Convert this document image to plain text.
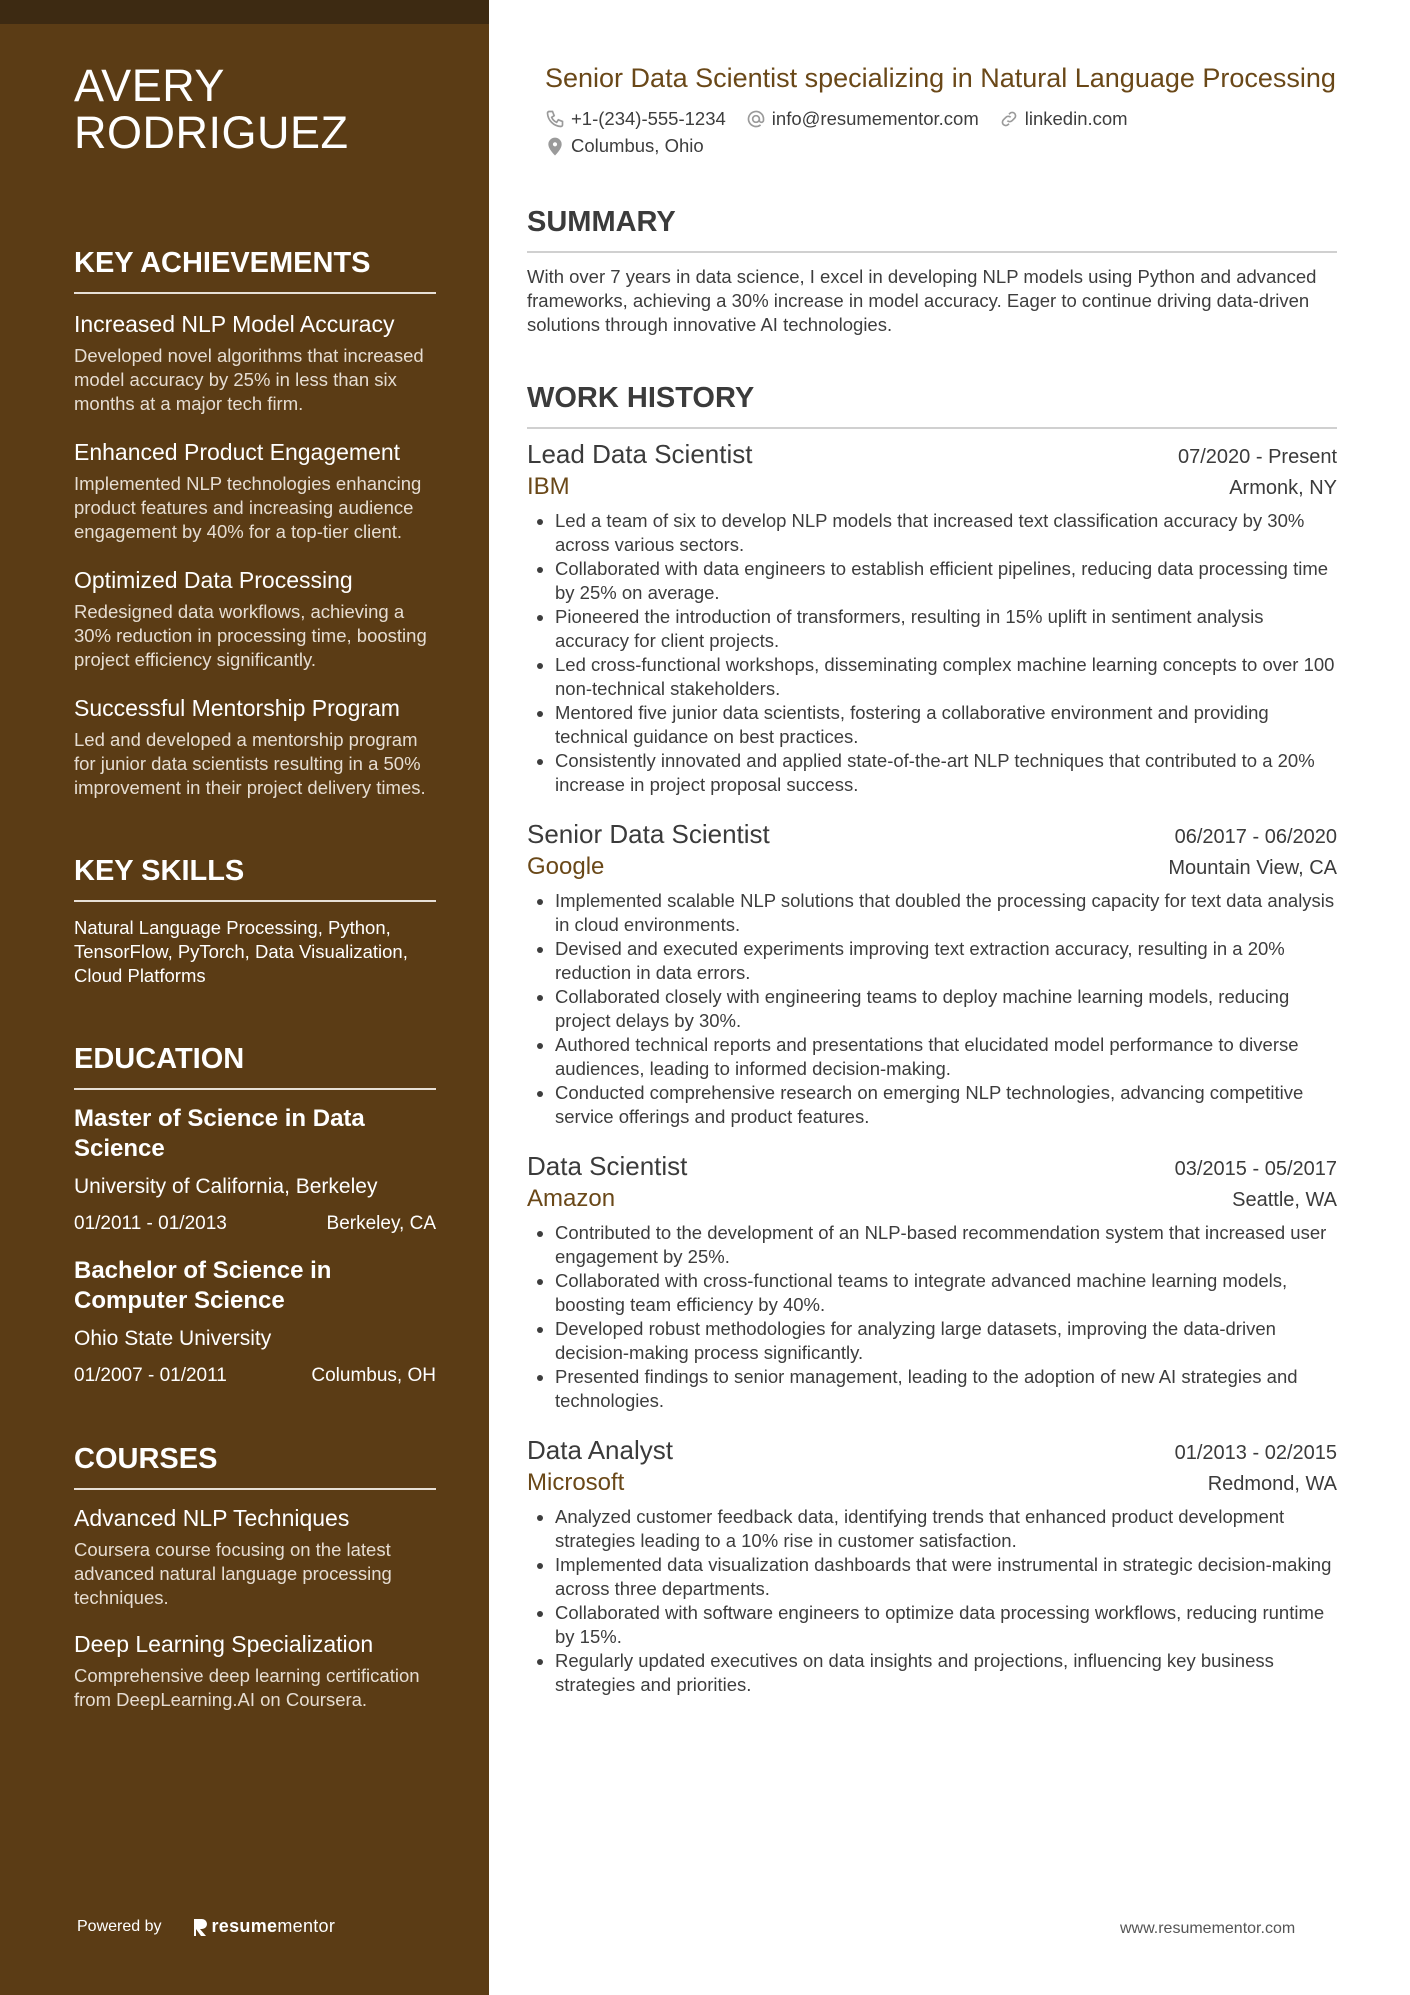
AVERY
RODRIGUEZ
KEY ACHIEVEMENTS
Increased NLP Model Accuracy
Developed novel algorithms that increased model accuracy by 25% in less than six months at a major tech firm.
Enhanced Product Engagement
Implemented NLP technologies enhancing product features and increasing audience engagement by 40% for a top-tier client.
Optimized Data Processing
Redesigned data workflows, achieving a 30% reduction in processing time, boosting project efficiency significantly.
Successful Mentorship Program
Led and developed a mentorship program for junior data scientists resulting in a 50% improvement in their project delivery times.
KEY SKILLS
Natural Language Processing, Python, TensorFlow, PyTorch, Data Visualization, Cloud Platforms
EDUCATION
Master of Science in Data Science
University of California, Berkeley
01/2011 - 01/2013	Berkeley, CA
Bachelor of Science in Computer Science
Ohio State University
01/2007 - 01/2011	Columbus, OH
COURSES
Advanced NLP Techniques
Coursera course focusing on the latest advanced natural language processing techniques.
Deep Learning Specialization
Comprehensive deep learning certification from DeepLearning.AI on Coursera.
Powered by	resume mentor
Senior Data Scientist specializing in Natural Language Processing
+1-(234)-555-1234 info@resumementor.com linkedin.com
Columbus, Ohio
SUMMARY
With over 7 years in data science, I excel in developing NLP models using Python and advanced frameworks, achieving a 30% increase in model accuracy. Eager to continue driving data-driven solutions through innovative AI technologies.
WORK HISTORY
Lead Data Scientist	07/2020 - Present
IBM	Armonk, NY
• Led a team of six to develop NLP models that increased text classification accuracy by 30% across various sectors.
• Collaborated with data engineers to establish efficient pipelines, reducing data processing time by 25% on average.
• Pioneered the introduction of transformers, resulting in 15% uplift in sentiment analysis accuracy for client projects.
• Led cross-functional workshops, disseminating complex machine learning concepts to over 100 non-technical stakeholders.
• Mentored five junior data scientists, fostering a collaborative environment and providing technical guidance on best practices.
• Consistently innovated and applied state-of-the-art NLP techniques that contributed to a 20% increase in project proposal success.
Senior Data Scientist	06/2017 - 06/2020
Google	Mountain View, CA
• Implemented scalable NLP solutions that doubled the processing capacity for text data analysis in cloud environments.
• Devised and executed experiments improving text extraction accuracy, resulting in a 20% reduction in data errors.
• Collaborated closely with engineering teams to deploy machine learning models, reducing project delays by 30%.
• Authored technical reports and presentations that elucidated model performance to diverse audiences, leading to informed decision-making.
• Conducted comprehensive research on emerging NLP technologies, advancing competitive service offerings and product features.
Data Scientist	03/2015 - 05/2017
Amazon	Seattle, WA
• Contributed to the development of an NLP-based recommendation system that increased user engagement by 25%.
• Collaborated with cross-functional teams to integrate advanced machine learning models, boosting team efficiency by 40%.
• Developed robust methodologies for analyzing large datasets, improving the data-driven decision-making process significantly.
• Presented findings to senior management, leading to the adoption of new AI strategies and technologies.
Data Analyst	01/2013 - 02/2015
Microsoft	Redmond, WA
• Analyzed customer feedback data, identifying trends that enhanced product development strategies leading to a 10% rise in customer satisfaction.
• Implemented data visualization dashboards that were instrumental in strategic decision-making across three departments.
• Collaborated with software engineers to optimize data processing workflows, reducing runtime by 15%.
• Regularly updated executives on data insights and projections, influencing key business strategies and priorities.
www.resumementor.com
